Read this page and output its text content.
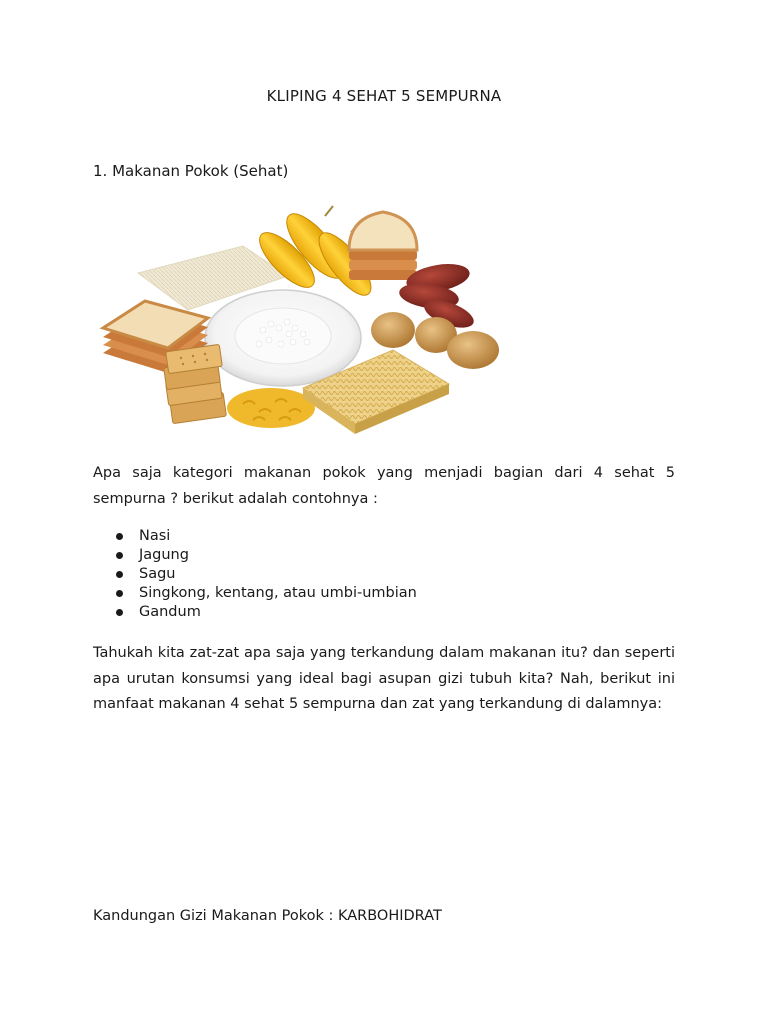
KLIPING 4 SEHAT 5 SEMPURNA
1. Makanan Pokok (Sehat)
Apa saja kategori makanan pokok yang menjadi bagian dari 4 sehat 5 sempurna ? berikut adalah contohnya :
Nasi
Jagung
Sagu
Singkong, kentang, atau umbi-umbian
Gandum
Tahukah kita zat-zat apa saja yang terkandung dalam makanan itu? dan seperti apa urutan konsumsi yang ideal bagi asupan gizi tubuh kita? Nah, berikut ini manfaat makanan 4 sehat 5 sempurna dan zat yang terkandung di dalamnya:
Kandungan Gizi Makanan Pokok : KARBOHIDRAT
